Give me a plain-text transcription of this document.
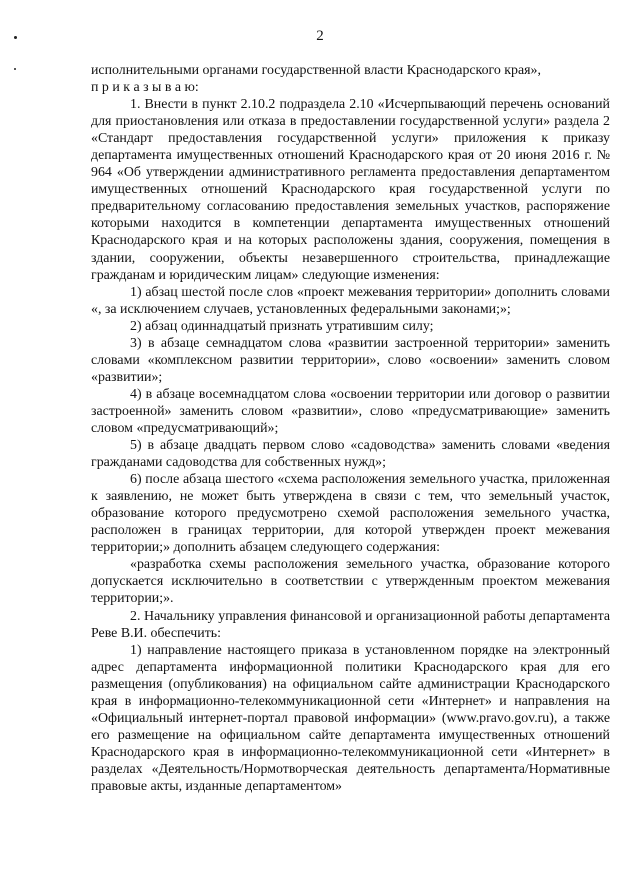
2

исполнительными органами государственной власти Краснодарского края»,

п р и к а з ы в а ю:

1. Внести в пункт 2.10.2 подраздела 2.10 «Исчерпывающий перечень оснований для приостановления или отказа в предоставлении государственной услуги» раздела 2 «Стандарт предоставления государственной услуги» приложения к приказу департамента имущественных отношений Краснодарского края от 20 июня 2016 г. № 964 «Об утверждении административного регламента предоставления департаментом имущественных отношений Краснодарского края государственной услуги по предварительному согласованию предоставления земельных участков, распоряжение которыми находится в компетенции департамента имущественных отношений Краснодарского края и на которых расположены здания, сооружения, помещения в здании, сооружении, объекты незавершенного строительства, принадлежащие гражданам и юридическим лицам» следующие изменения:

1) абзац шестой после слов «проект межевания территории» дополнить словами «, за исключением случаев, установленных федеральными законами;»;

2) абзац одиннадцатый признать утратившим силу;

3) в абзаце семнадцатом слова «развитии застроенной территории» заменить словами «комплексном развитии территории», слово «освоении» заменить словом «развитии»;

4) в абзаце восемнадцатом слова «освоении территории или договор о развитии застроенной» заменить словом «развитии», слово «предусматривающие» заменить словом «предусматривающий»;

5) в абзаце двадцать первом слово «садоводства» заменить словами «ведения гражданами садоводства для собственных нужд»;

6) после абзаца шестого «схема расположения земельного участка, приложенная к заявлению, не может быть утверждена в связи с тем, что земельный участок, образование которого предусмотрено схемой расположения земельного участка, расположен в границах территории, для которой утвержден проект межевания территории;» дополнить абзацем следующего содержания:

«разработка схемы расположения земельного участка, образование которого допускается исключительно в соответствии с утвержденным проектом межевания территории;».

2. Начальнику управления финансовой и организационной работы департамента Реве В.И. обеспечить:

1) направление настоящего приказа в установленном порядке на электронный адрес департамента информационной политики Краснодарского края для его размещения (опубликования) на официальном сайте администрации Краснодарского края в информационно-телекоммуникационной сети «Интернет» и направления на «Официальный интернет-портал правовой информации» (www.pravo.gov.ru), а также его размещение на официальном сайте департамента имущественных отношений Краснодарского края в информационно-телекоммуникационной сети «Интернет» в разделах «Деятельность/Нормотворческая деятельность департамента/Нормативные правовые акты, изданные департаментом»
